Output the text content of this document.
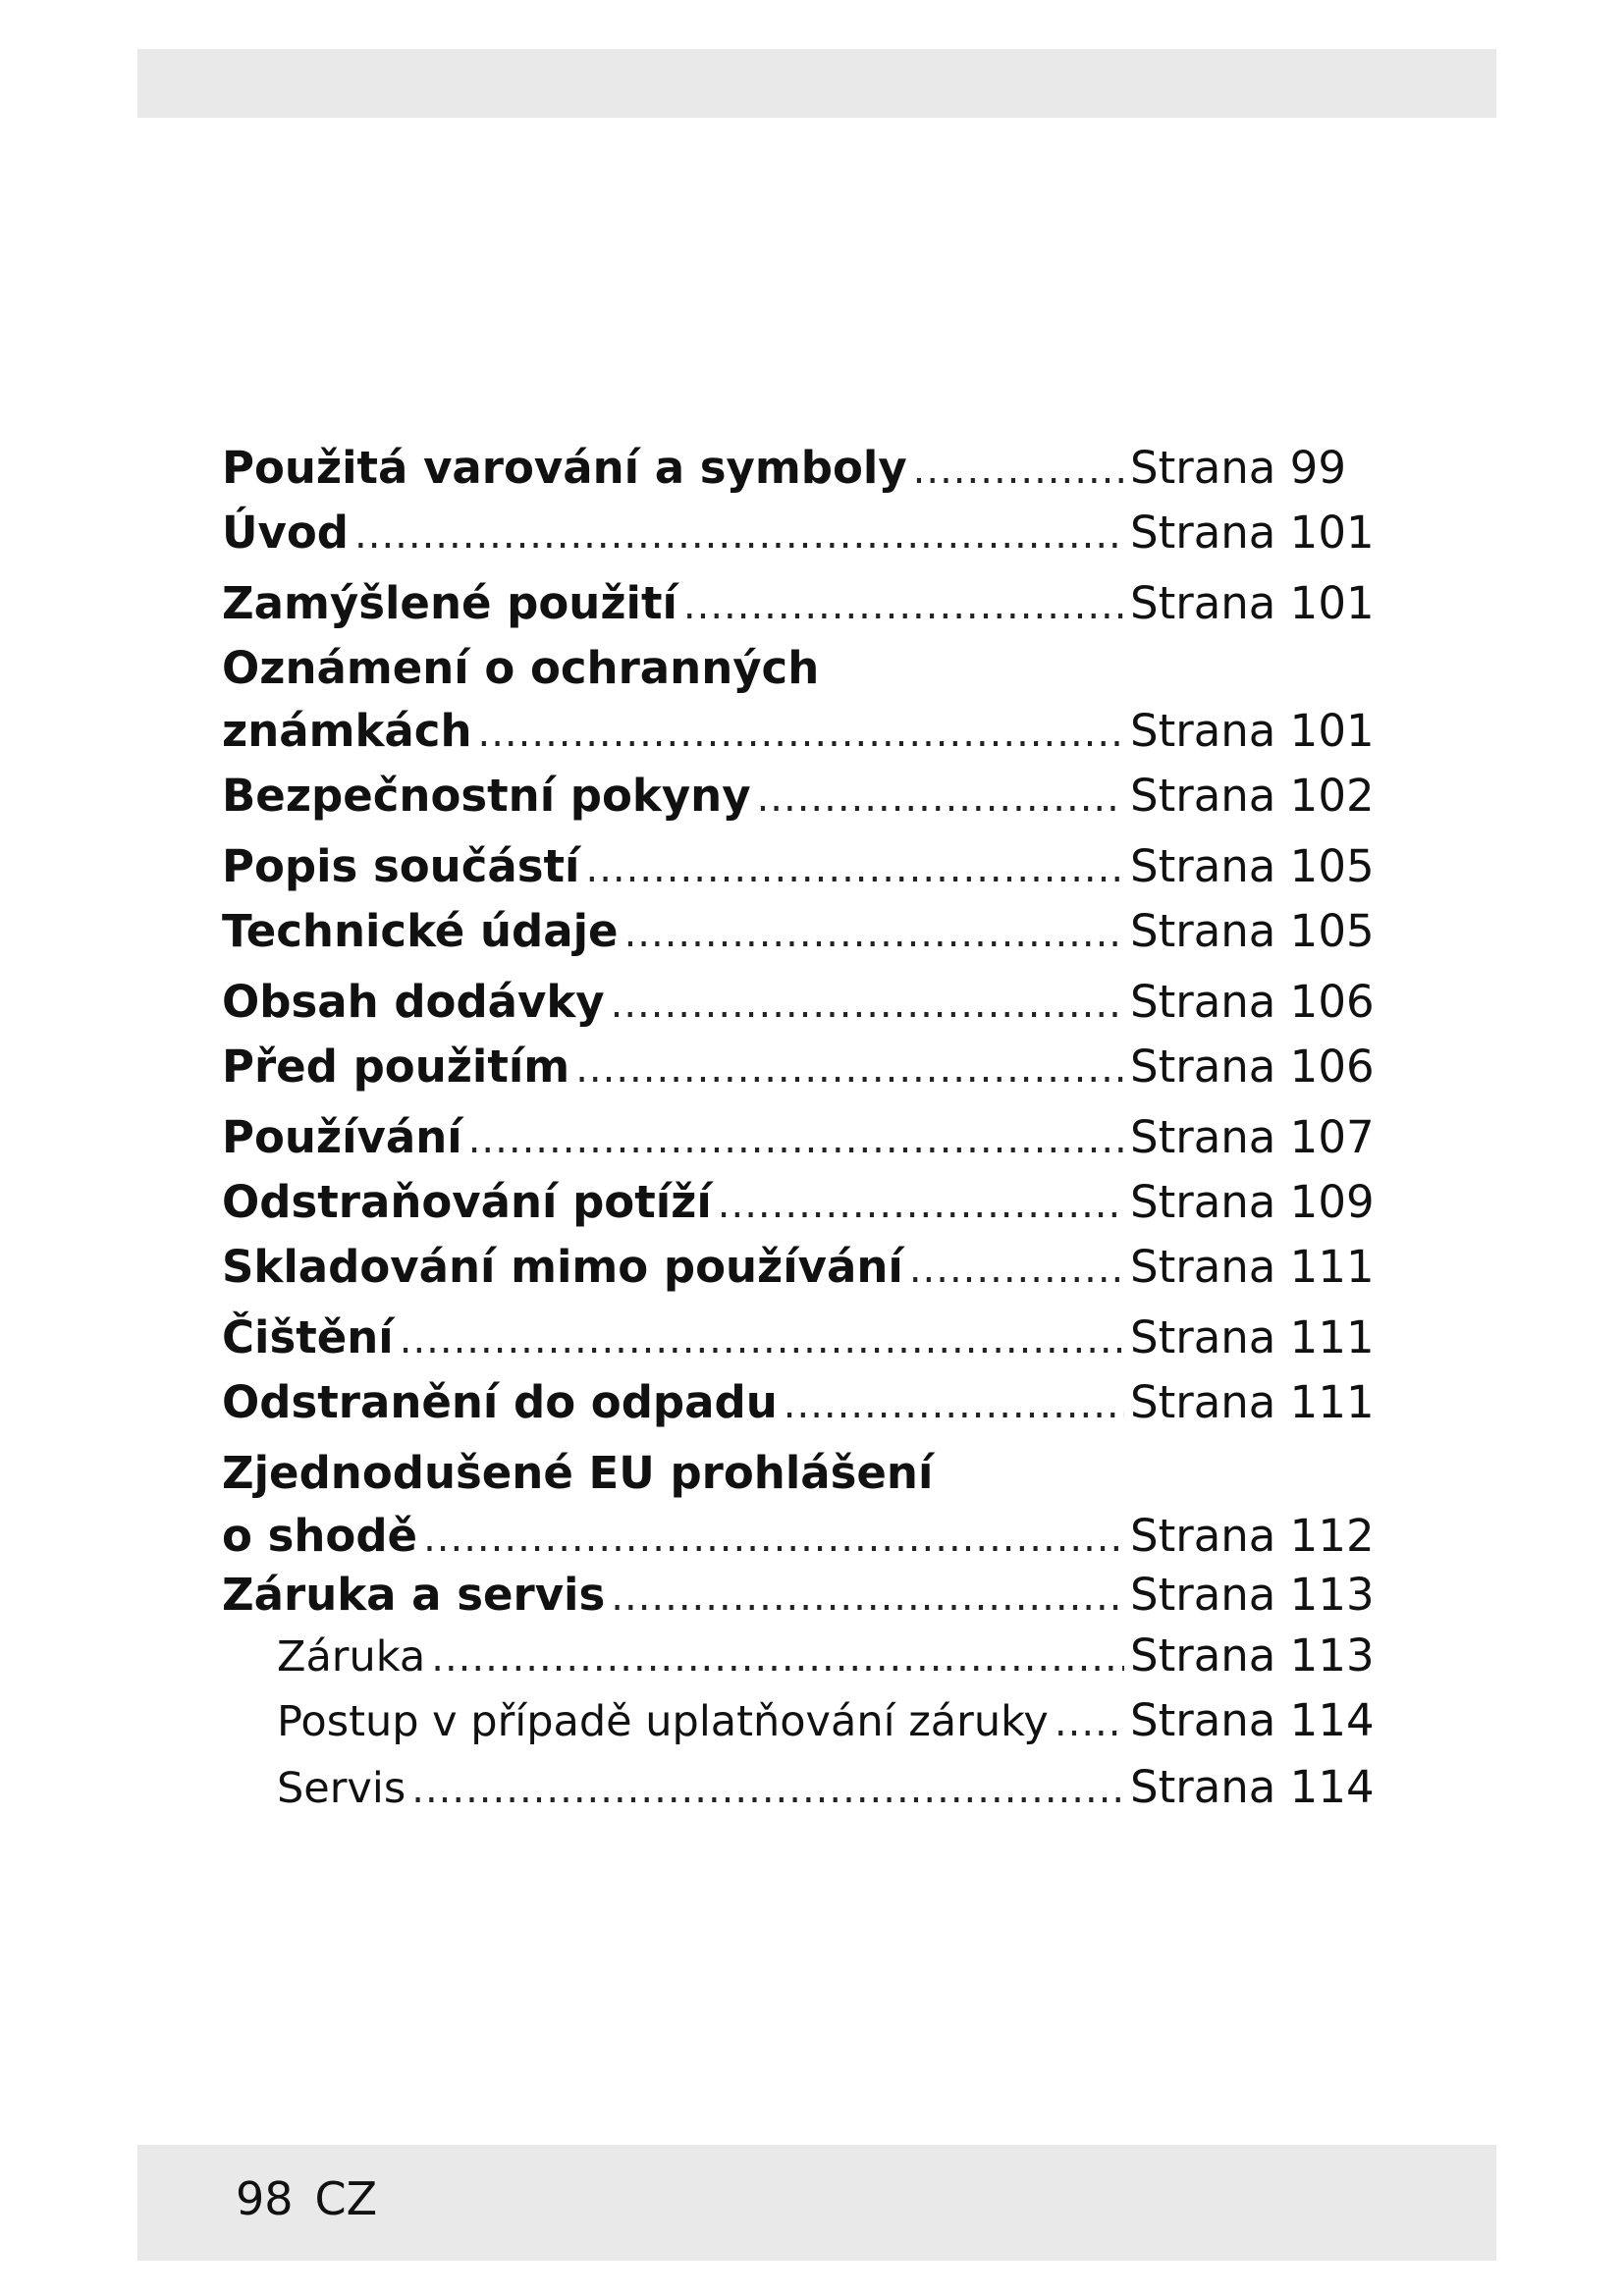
Použitá varování a symboly .....	Strana 99
Úvod .....	Strana 101
Zamýšlené použití .....	Strana 101
Oznámení o ochranných
známkách .....	Strana 101
Bezpečnostní pokyny .....	Strana 102
Popis součástí .....	Strana 105
Technické údaje .....	Strana 105
Obsah dodávky .....	Strana 106
Před použitím .....	Strana 106
Používání .....	Strana 107
Odstraňování potíží .....	Strana 109
Skladování mimo používání .....	Strana 111
Čištění .....	Strana 111
Odstranění do odpadu .....	Strana 111
Zjednodušené EU prohlášení
o shodě .....	Strana 112
Záruka a servis .....	Strana 113
Záruka .....	Strana 113
Postup v případě uplatňování záruky ..... Strana 114
Servis .....	Strana 114
98 CZ
